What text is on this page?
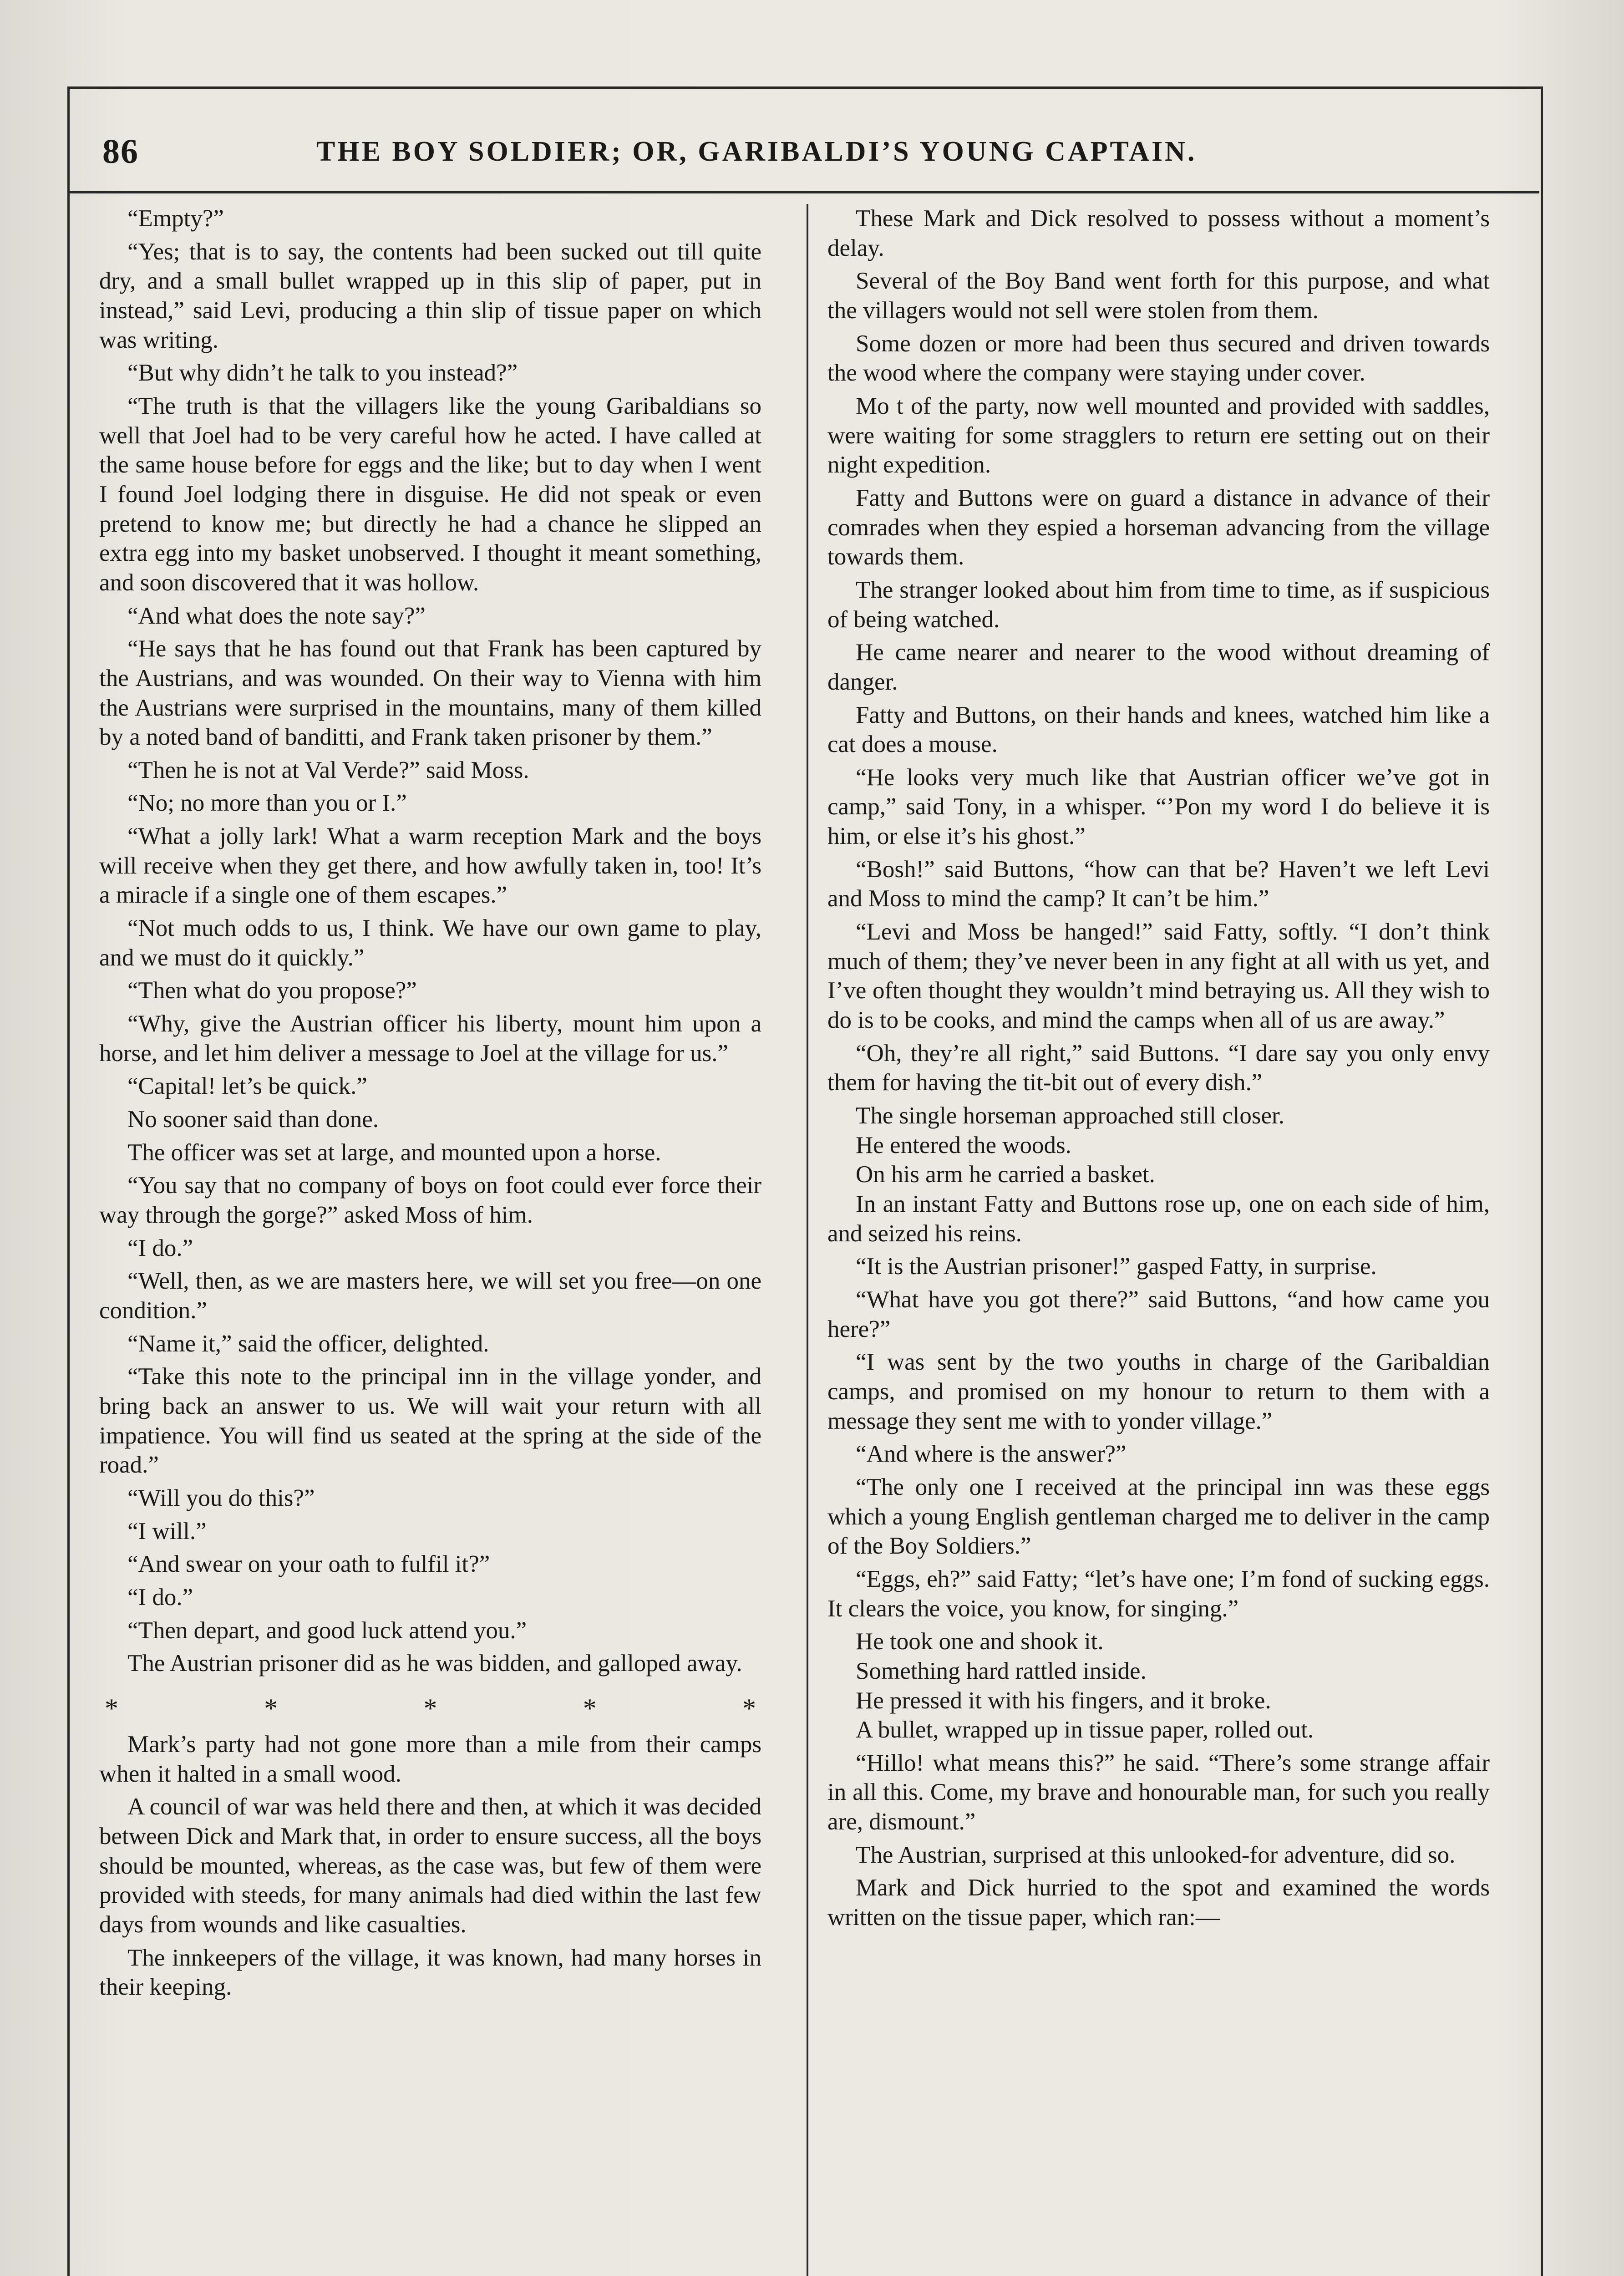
86	THE BOY SOLDIER; OR, GARIBALDI’S YOUNG CAPTAIN.

“Empty?”

“Yes; that is to say, the contents had been sucked out till quite dry, and a small bullet wrapped up in this slip of paper, put in instead,” said Levi, producing a thin slip of tissue paper on which was writing.

“But why didn’t he talk to you instead?”

“The truth is that the villagers like the young Garibaldians so well that Joel had to be very careful how he acted. I have called at the same house before for eggs and the like; but to day when I went I found Joel lodging there in disguise. He did not speak or even pretend to know me; but directly he had a chance he slipped an extra egg into my basket unobserved. I thought it meant something, and soon discovered that it was hollow.

“And what does the note say?”

“He says that he has found out that Frank has been captured by the Austrians, and was wounded. On their way to Vienna with him the Austrians were surprised in the mountains, many of them killed by a noted band of banditti, and Frank taken prisoner by them.”

“Then he is not at Val Verde?” said Moss.

“No; no more than you or I.”

“What a jolly lark! What a warm reception Mark and the boys will receive when they get there, and how awfully taken in, too! It’s a miracle if a single one of them escapes.”

“Not much odds to us, I think. We have our own game to play, and we must do it quickly.”

“Then what do you propose?”

“Why, give the Austrian officer his liberty, mount him upon a horse, and let him deliver a message to Joel at the village for us.”

“Capital! let’s be quick.”

No sooner said than done.

The officer was set at large, and mounted upon a horse.

“You say that no company of boys on foot could ever force their way through the gorge?” asked Moss of him.

“I do.”

“Well, then, as we are masters here, we will set you free—on one condition.”

“Name it,” said the officer, delighted.

“Take this note to the principal inn in the village yonder, and bring back an answer to us. We will wait your return with all impatience. You will find us seated at the spring at the side of the road.”

“Will you do this?”

“I will.”

“And swear on your oath to fulfil it?”

“I do.”

“Then depart, and good luck attend you.”

The Austrian prisoner did as he was bidden, and galloped away.

*	*	*	*	*

Mark’s party had not gone more than a mile from their camps when it halted in a small wood.

A council of war was held there and then, at which it was decided between Dick and Mark that, in order to ensure success, all the boys should be mounted, whereas, as the case was, but few of them were provided with steeds, for many animals had died within the last few days from wounds and like casualties.

The innkeepers of the village, it was known, had many horses in their keeping.

These Mark and Dick resolved to possess without a moment’s delay.

Several of the Boy Band went forth for this purpose, and what the villagers would not sell were stolen from them.

Some dozen or more had been thus secured and driven towards the wood where the company were staying under cover.

Mo t of the party, now well mounted and provided with saddles, were waiting for some stragglers to return ere setting out on their night expedition.

Fatty and Buttons were on guard a distance in advance of their comrades when they espied a horseman advancing from the village towards them.

The stranger looked about him from time to time, as if suspicious of being watched.

He came nearer and nearer to the wood without dreaming of danger.

Fatty and Buttons, on their hands and knees, watched him like a cat does a mouse.

“He looks very much like that Austrian officer we’ve got in camp,” said Tony, in a whisper. “’Pon my word I do believe it is him, or else it’s his ghost.”

“Bosh!” said Buttons, “how can that be? Haven’t we left Levi and Moss to mind the camp? It can’t be him.”

“Levi and Moss be hanged!” said Fatty, softly. “I don’t think much of them; they’ve never been in any fight at all with us yet, and I’ve often thought they wouldn’t mind betraying us. All they wish to do is to be cooks, and mind the camps when all of us are away.”

“Oh, they’re all right,” said Buttons. “I dare say you only envy them for having the tit-bit out of every dish.”

The single horseman approached still closer.

He entered the woods.

On his arm he carried a basket.

In an instant Fatty and Buttons rose up, one on each side of him, and seized his reins.

“It is the Austrian prisoner!” gasped Fatty, in surprise.

“What have you got there?” said Buttons, “and how came you here?”

“I was sent by the two youths in charge of the Garibaldian camps, and promised on my honour to return to them with a message they sent me with to yonder village.”

“And where is the answer?”

“The only one I received at the principal inn was these eggs which a young English gentleman charged me to deliver in the camp of the Boy Soldiers.”

“Eggs, eh?” said Fatty; “let’s have one; I’m fond of sucking eggs. It clears the voice, you know, for singing.”

He took one and shook it.

Something hard rattled inside.

He pressed it with his fingers, and it broke.

A bullet, wrapped up in tissue paper, rolled out.

“Hillo! what means this?” he said. “There’s some strange affair in all this. Come, my brave and honourable man, for such you really are, dismount.”

The Austrian, surprised at this unlooked-for adventure, did so.

Mark and Dick hurried to the spot and examined the words written on the tissue paper, which ran:—
